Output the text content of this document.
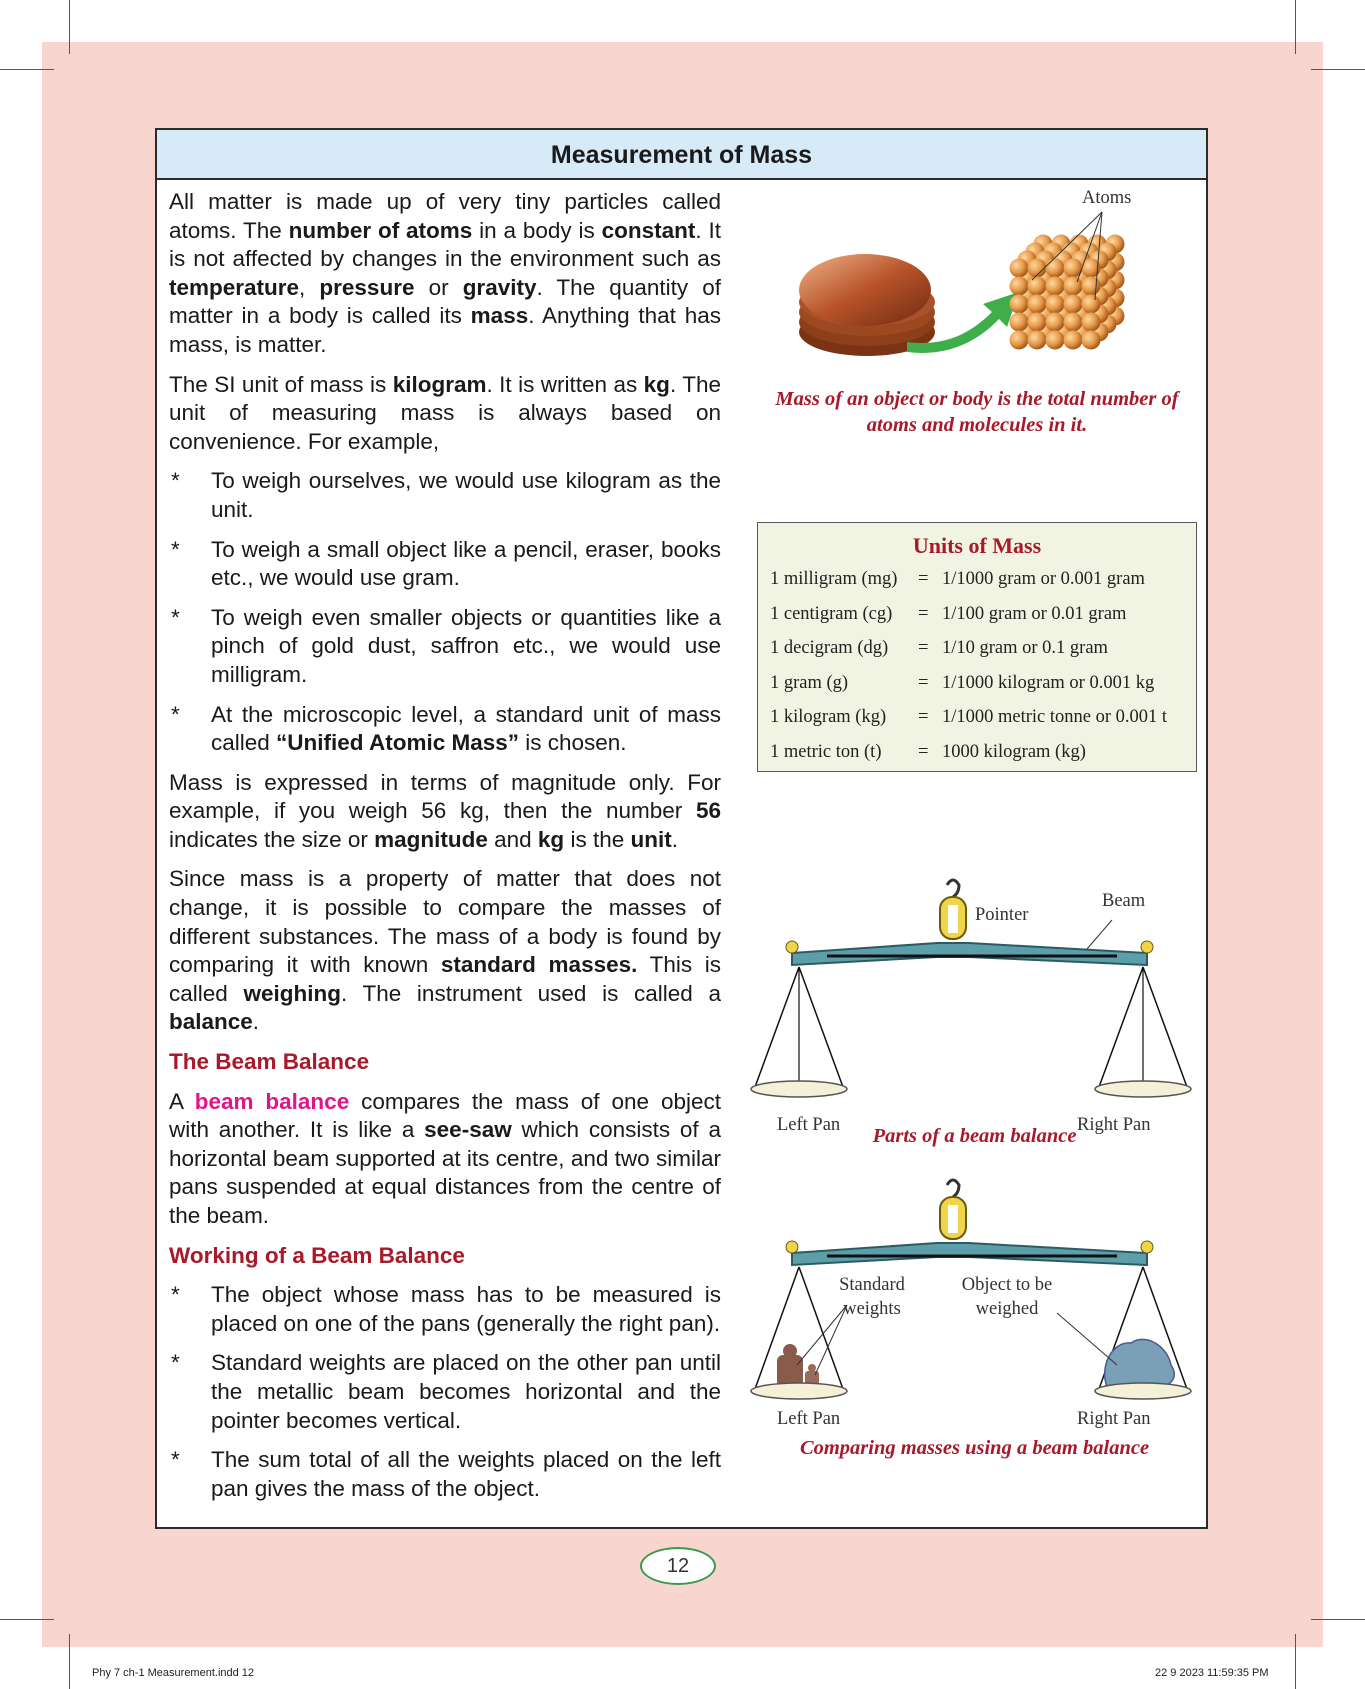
Measurement of Mass

All matter is made up of very tiny particles called atoms. The number of atoms in a body is constant. It is not affected by changes in the environment such as temperature, pressure or gravity. The quantity of matter in a body is called its mass. Anything that has mass, is matter.

The SI unit of mass is kilogram. It is written as kg. The unit of measuring mass is always based on convenience. For example,

* To weigh ourselves, we would use kilogram as the unit.
* To weigh a small object like a pencil, eraser, books etc., we would use gram.
* To weigh even smaller objects or quantities like a pinch of gold dust, saffron etc., we would use milligram.
* At the microscopic level, a standard unit of mass called “Unified Atomic Mass” is chosen.

Mass is expressed in terms of magnitude only. For example, if you weigh 56 kg, then the number 56 indicates the size or magnitude and kg is the unit.

Since mass is a property of matter that does not change, it is possible to compare the masses of different substances. The mass of a body is found by comparing it with known standard masses. This is called weighing. The instrument used is called a balance.

The Beam Balance

A beam balance compares the mass of one object with another. It is like a see-saw which consists of a horizontal beam supported at its centre, and two similar pans suspended at equal distances from the centre of the beam.

Working of a Beam Balance
* The object whose mass has to be measured is placed on one of the pans (generally the right pan).
* Standard weights are placed on the other pan until the metallic beam becomes horizontal and the pointer becomes vertical.
* The sum total of all the weights placed on the left pan gives the mass of the object.
Atoms
Mass of an object or body is the total number of atoms and molecules in it.
Units of Mass
1 milligram (mg) = 1/1000 gram or 0.001 gram
1 centigram (cg) = 1/100 gram or 0.01 gram
1 decigram (dg) = 1/10 gram or 0.1 gram
1 gram (g)	= 1/1000 kilogram or 0.001 kg
1 kilogram (kg) = 1/1000 metric tonne or 0.001 t
1 metric ton (t) = 1000 kilogram (kg)
Pointer
Beam
Left Pan	Right Pan
Parts of a beam balance
Standard weights
Object to be weighed
Left Pan	Right Pan
Comparing masses using a beam balance
12
Phy 7 ch-1 Measurement.indd 12	22 9 2023 11:59:35 PM
